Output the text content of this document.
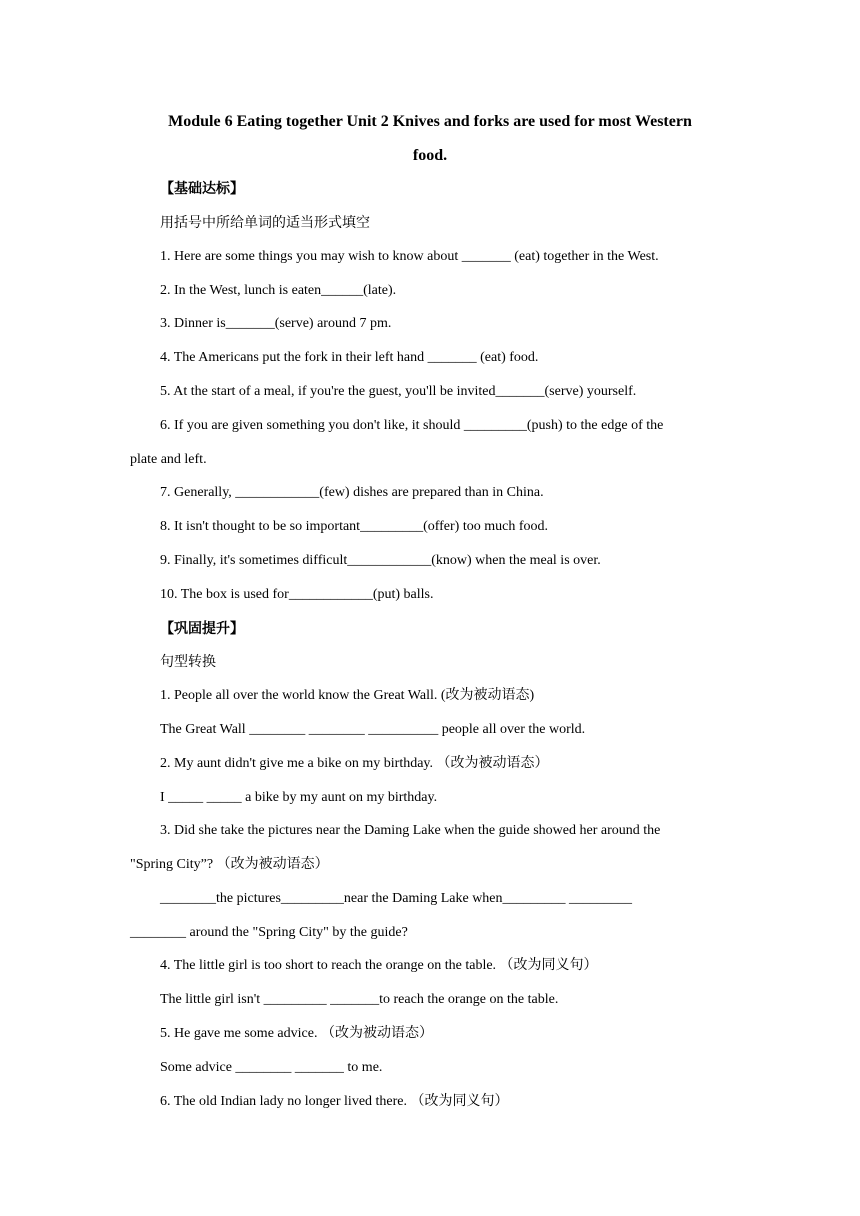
Module 6 Eating together Unit 2 Knives and forks are used for most Western
food.
【基础达标】
用括号中所给单词的适当形式填空
1. Here are some things you may wish to know about _______ (eat) together in the West.
2. In the West, lunch is eaten______(late).
3. Dinner is_______(serve) around 7 pm.
4. The Americans put the fork in their left hand _______ (eat) food.
5. At the start of a meal, if you're the guest, you'll be invited_______(serve) yourself.
6. If you are given something you don't like, it should _________(push) to the edge of the
plate and left.
7. Generally, ____________(few) dishes are prepared than in China.
8. It isn't thought to be so important_________(offer) too much food.
9. Finally, it's sometimes difficult____________(know) when the meal is over.
10. The box is used for____________(put) balls.
【巩固提升】
句型转换
1. People all over the world know the Great Wall. (改为被动语态)
The Great Wall ________ ________ __________ people all over the world.
2. My aunt didn't give me a bike on my birthday. （改为被动语态）
I _____ _____ a bike by my aunt on my birthday.
3. Did she take the pictures near the Daming Lake when the guide showed her around the
"Spring City”? （改为被动语态）
________the pictures_________near the Daming Lake when_________ _________
________ around the "Spring City" by the guide?
4. The little girl is too short to reach the orange on the table. （改为同义句）
The little girl isn't _________ _______to reach the orange on the table.
5. He gave me some advice. （改为被动语态）
Some advice ________ _______ to me.
6. The old Indian lady no longer lived there. （改为同义句）
